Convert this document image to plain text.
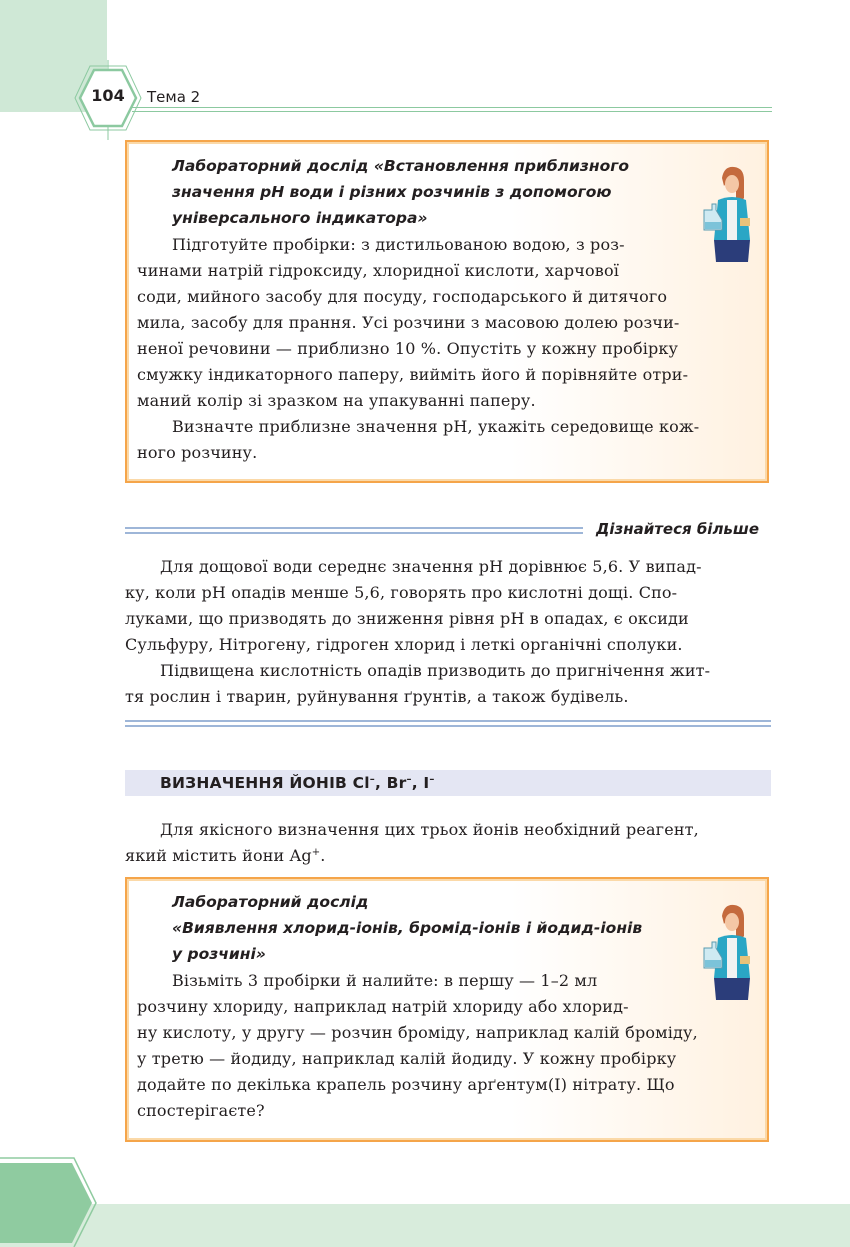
104	Тема 2
Лабораторний дослід «Встановлення приблизного
значення pH води і різних розчинів з допомогою
універсального індикатора»
Підготуйте пробірки: з дистильованою водою, з роз-
чинами натрій гідроксиду, хлоридної кислоти, харчової
соди, мийного засобу для посуду, господарського й дитячого
мила, засобу для прання. Усі розчини з масовою долею розчи-
неної речовини — приблизно 10 %. Опустіть у кожну пробірку
смужку індикаторного паперу, вийміть його й порівняйте отри-
маний колір зі зразком на упакуванні паперу.
Визначте приблизне значення pH, укажіть середовище кож-
ного розчину.
Дізнайтеся більше
Для дощової води середнє значення pH дорівнює 5,6. У випад-
ку, коли pH опадів менше 5,6, говорять про кислотні дощі. Спо-
луками, що призводять до зниження рівня pH в опадах, є оксиди
Сульфуру, Нітрогену, гідроген хлорид і леткі органічні сполуки.
Підвищена кислотність опадів призводить до пригнічення жит-
тя рослин і тварин, руйнування ґрунтів, а також будівель.
ВИЗНАЧЕННЯ ЙОНІВ Cl–, Br–, I–
Для якісного визначення цих трьох йонів необхідний реагент,
який містить йони Ag+.
Лабораторний дослід
«Виявлення хлорид-іонів, бромід-іонів і йодид-іонів
у розчині»
Візьміть 3 пробірки й налийте: в першу — 1–2 мл
розчину хлориду, наприклад натрій хлориду або хлорид-
ну кислоту, у другу — розчин броміду, наприклад калій броміду,
у третю — йодиду, наприклад калій йодиду. У кожну пробірку
додайте по декілька крапель розчину арґентум(I) нітрату. Що
спостерігаєте?
